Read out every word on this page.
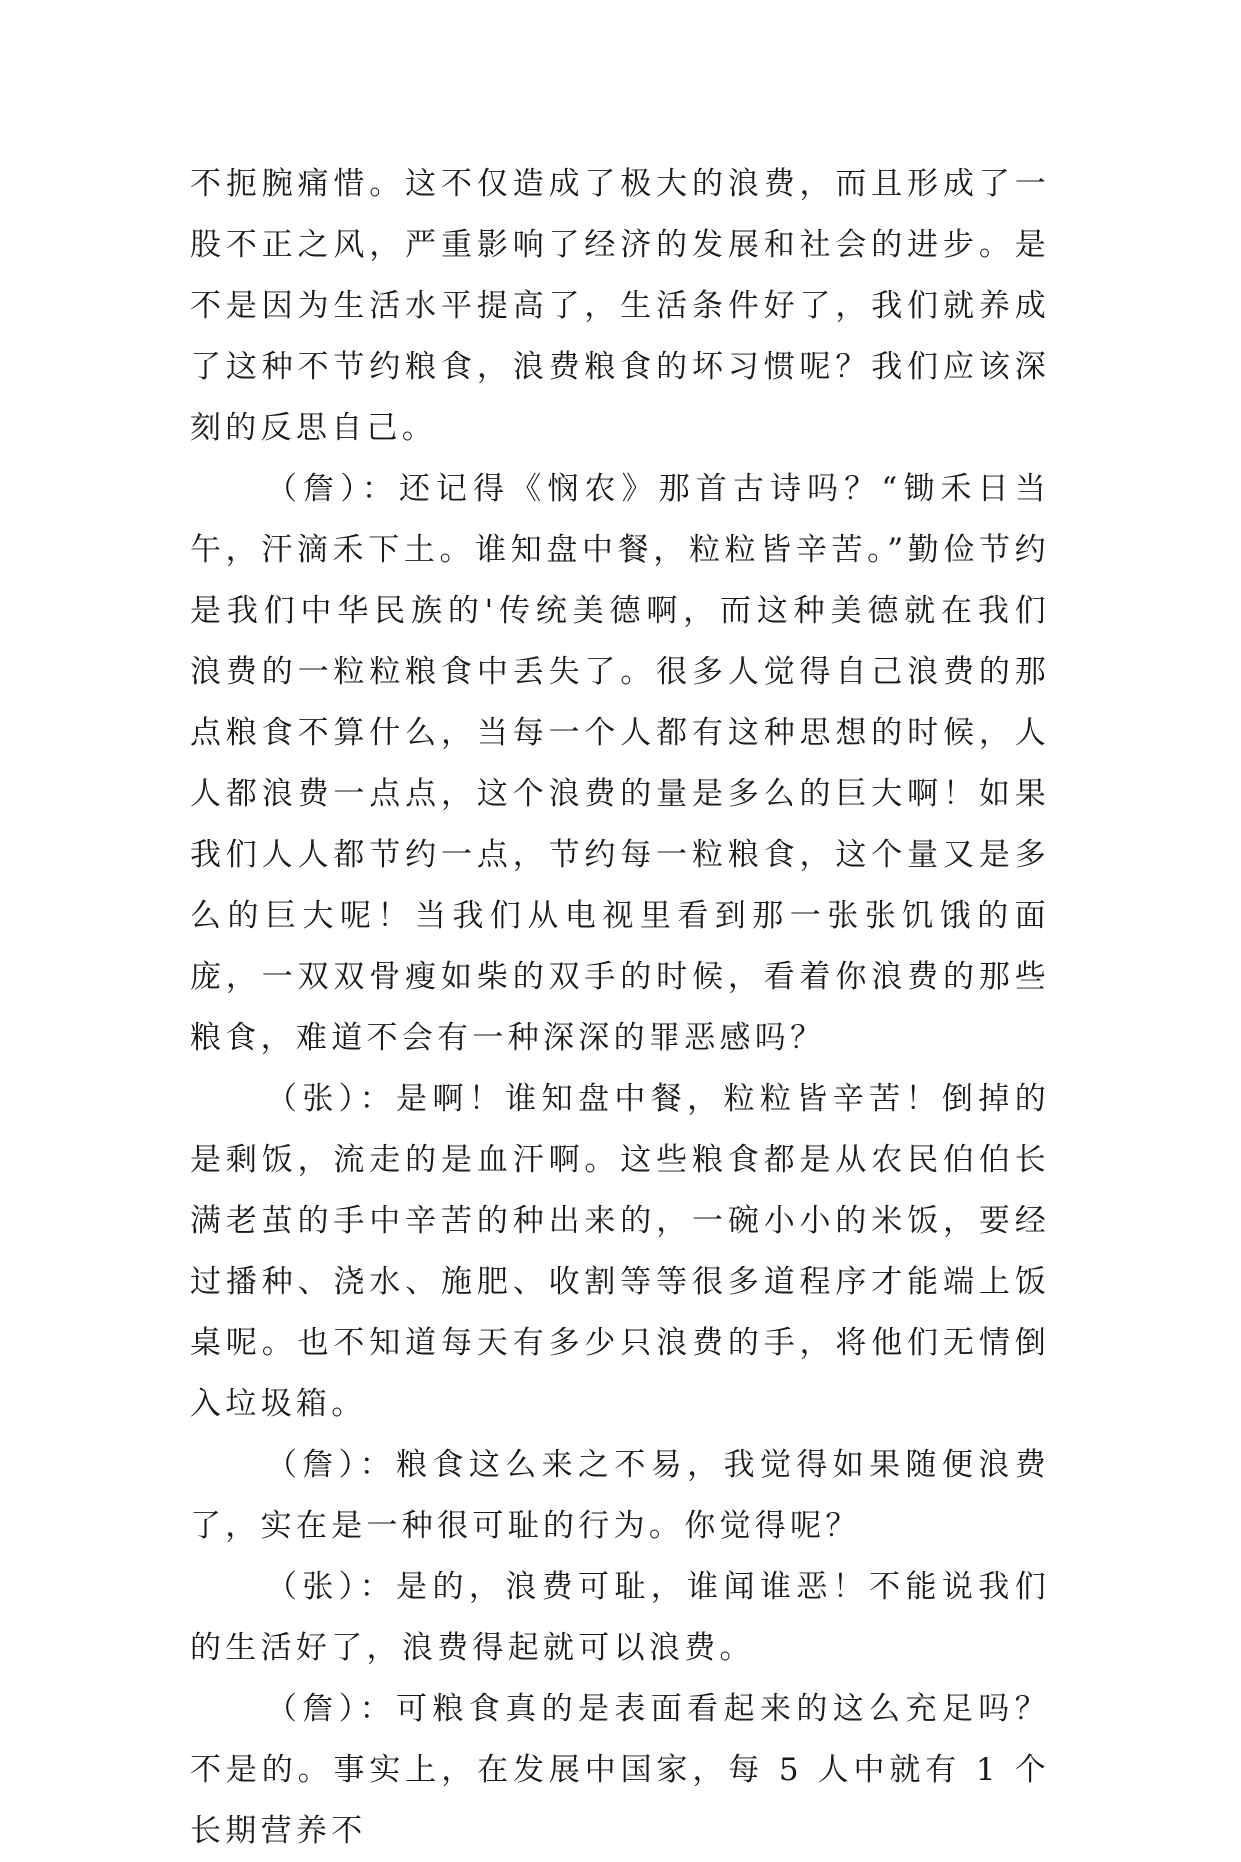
不扼腕痛惜。这不仅造成了极大的浪费，而且形成了一股不正之风，严重影响了经济的发展和社会的进步。是不是因为生活水平提高了，生活条件好了，我们就养成了这种不节约粮食，浪费粮食的坏习惯呢？我们应该深刻的反思自己。

（詹）：还记得《悯农》那首古诗吗？“锄禾日当午，汗滴禾下土。谁知盘中餐，粒粒皆辛苦。”勤俭节约是我们中华民族的'传统美德啊，而这种美德就在我们浪费的一粒粒粮食中丢失了。很多人觉得自己浪费的那点粮食不算什么，当每一个人都有这种思想的时候，人人都浪费一点点，这个浪费的量是多么的巨大啊！如果我们人人都节约一点，节约每一粒粮食，这个量又是多么的巨大呢！当我们从电视里看到那一张张饥饿的面庞，一双双骨瘦如柴的双手的时候，看着你浪费的那些粮食，难道不会有一种深深的罪恶感吗？

（张）：是啊！谁知盘中餐，粒粒皆辛苦！倒掉的是剩饭，流走的是血汗啊。这些粮食都是从农民伯伯长满老茧的手中辛苦的种出来的，一碗小小的米饭，要经过播种、浇水、施肥、收割等等很多道程序才能端上饭桌呢。也不知道每天有多少只浪费的手，将他们无情倒入垃圾箱。

（詹）：粮食这么来之不易，我觉得如果随便浪费了，实在是一种很可耻的行为。你觉得呢？

（张）：是的，浪费可耻，谁闻谁恶！不能说我们的生活好了，浪费得起就可以浪费。

（詹）：可粮食真的是表面看起来的这么充足吗？不是的。事实上，在发展中国家，每 5 人中就有 1 个长期营养不
